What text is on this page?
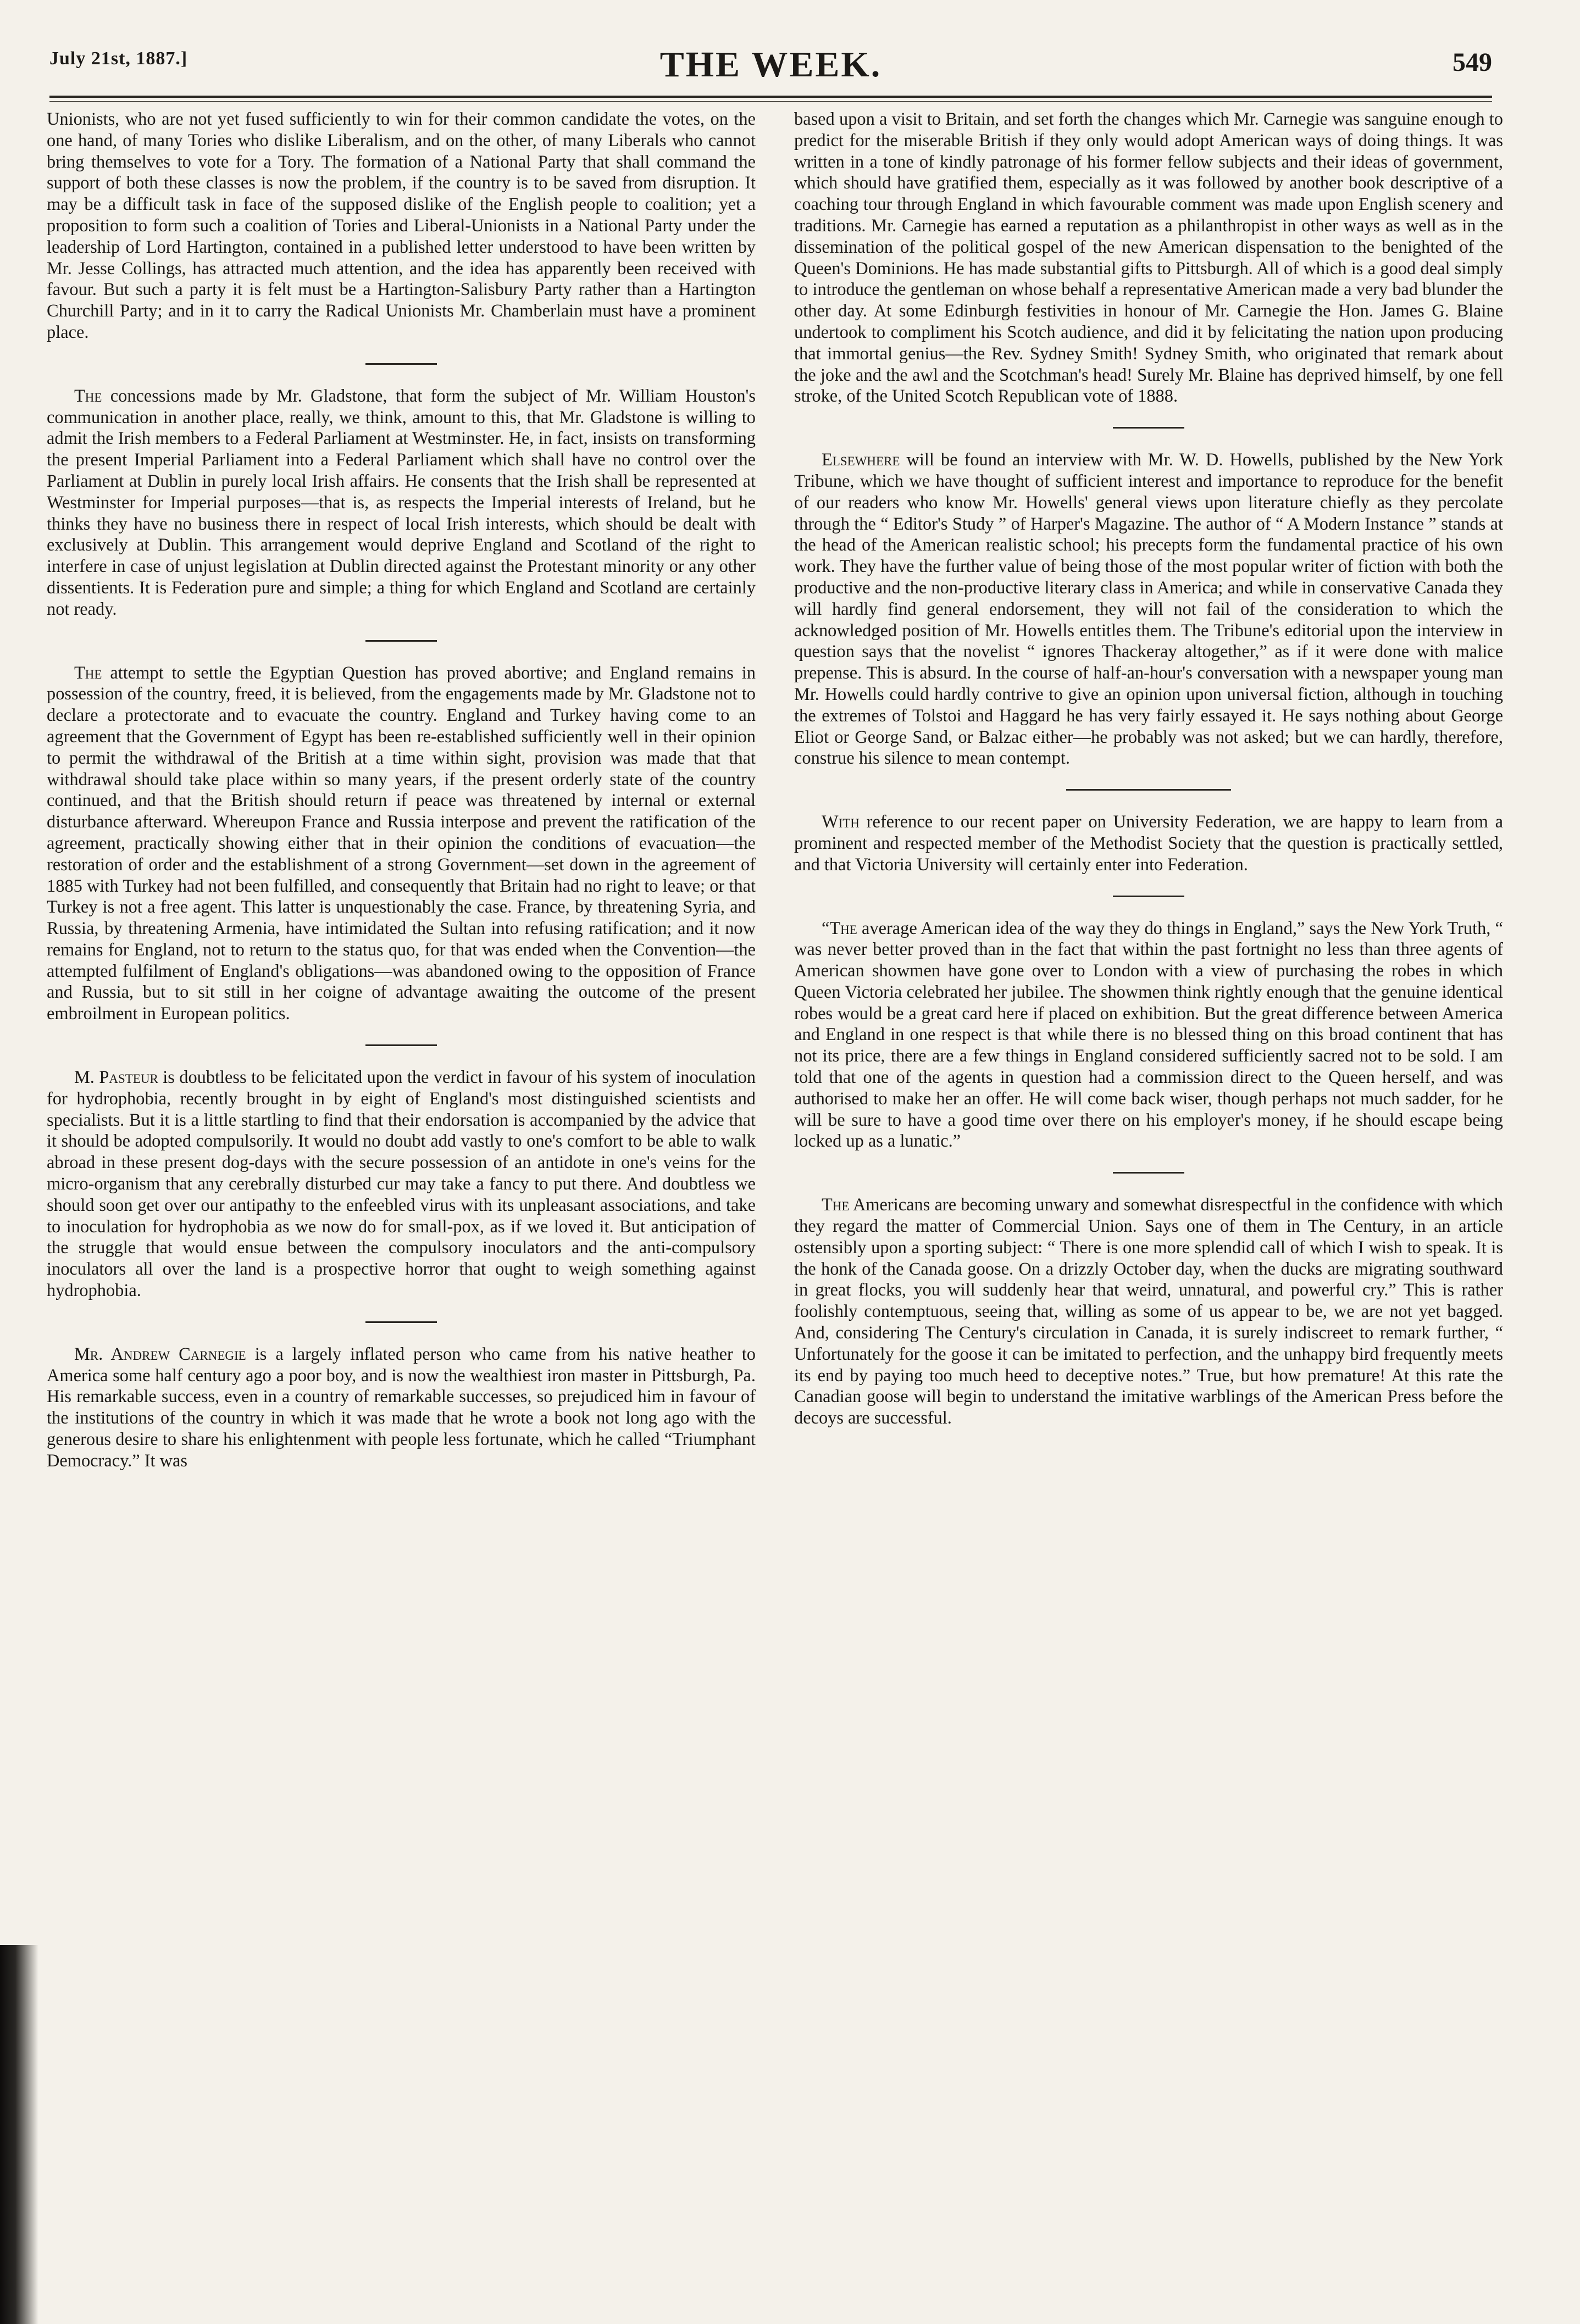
July 21st, 1887.]	THE WEEK.	549

Unionists, who are not yet fused sufficiently to win for their common candidate the votes, on the one hand, of many Tories who dislike Liberalism, and on the other, of many Liberals who cannot bring themselves to vote for a Tory. The formation of a National Party that shall command the support of both these classes is now the problem, if the country is to be saved from disruption. It may be a difficult task in face of the supposed dislike of the English people to coalition; yet a proposition to form such a coalition of Tories and Liberal-Unionists in a National Party under the leadership of Lord Hartington, contained in a published letter understood to have been written by Mr. Jesse Collings, has attracted much attention, and the idea has apparently been received with favour. But such a party it is felt must be a Hartington-Salisbury Party rather than a Hartington Churchill Party; and in it to carry the Radical Unionists Mr. Chamberlain must have a prominent place.

The concessions made by Mr. Gladstone, that form the subject of Mr. William Houston's communication in another place, really, we think, amount to this, that Mr. Gladstone is willing to admit the Irish members to a Federal Parliament at Westminster. He, in fact, insists on transforming the present Imperial Parliament into a Federal Parliament which shall have no control over the Parliament at Dublin in purely local Irish affairs. He consents that the Irish shall be represented at Westminster for Imperial purposes—that is, as respects the Imperial interests of Ireland, but he thinks they have no business there in respect of local Irish interests, which should be dealt with exclusively at Dublin. This arrangement would deprive England and Scotland of the right to interfere in case of unjust legislation at Dublin directed against the Protestant minority or any other dissentients. It is Federation pure and simple; a thing for which England and Scotland are certainly not ready.

The attempt to settle the Egyptian Question has proved abortive; and England remains in possession of the country, freed, it is believed, from the engagements made by Mr. Gladstone not to declare a protectorate and to evacuate the country. England and Turkey having come to an agreement that the Government of Egypt has been re-established sufficiently well in their opinion to permit the withdrawal of the British at a time within sight, provision was made that that withdrawal should take place within so many years, if the present orderly state of the country continued, and that the British should return if peace was threatened by internal or external disturbance afterward. Whereupon France and Russia interpose and prevent the ratification of the agreement, practically showing either that in their opinion the conditions of evacuation—the restoration of order and the establishment of a strong Government—set down in the agreement of 1885 with Turkey had not been fulfilled, and consequently that Britain had no right to leave; or that Turkey is not a free agent. This latter is unquestionably the case. France, by threatening Syria, and Russia, by threatening Armenia, have intimidated the Sultan into refusing ratification; and it now remains for England, not to return to the status quo, for that was ended when the Convention—the attempted fulfilment of England's obligations—was abandoned owing to the opposition of France and Russia, but to sit still in her coigne of advantage awaiting the outcome of the present embroilment in European politics.

M. Pasteur is doubtless to be felicitated upon the verdict in favour of his system of inoculation for hydrophobia, recently brought in by eight of England's most distinguished scientists and specialists. But it is a little startling to find that their endorsation is accompanied by the advice that it should be adopted compulsorily. It would no doubt add vastly to one's comfort to be able to walk abroad in these present dog-days with the secure possession of an antidote in one's veins for the micro-organism that any cerebrally disturbed cur may take a fancy to put there. And doubtless we should soon get over our antipathy to the enfeebled virus with its unpleasant associations, and take to inoculation for hydrophobia as we now do for small-pox, as if we loved it. But anticipation of the struggle that would ensue between the compulsory inoculators and the anti-compulsory inoculators all over the land is a prospective horror that ought to weigh something against hydrophobia.

Mr. Andrew Carnegie is a largely inflated person who came from his native heather to America some half century ago a poor boy, and is now the wealthiest iron master in Pittsburgh, Pa. His remarkable success, even in a country of remarkable successes, so prejudiced him in favour of the institutions of the country in which it was made that he wrote a book not long ago with the generous desire to share his enlightenment with people less fortunate, which he called “Triumphant Democracy.” It was

based upon a visit to Britain, and set forth the changes which Mr. Carnegie was sanguine enough to predict for the miserable British if they only would adopt American ways of doing things. It was written in a tone of kindly patronage of his former fellow subjects and their ideas of government, which should have gratified them, especially as it was followed by another book descriptive of a coaching tour through England in which favourable comment was made upon English scenery and traditions. Mr. Carnegie has earned a reputation as a philanthropist in other ways as well as in the dissemination of the political gospel of the new American dispensation to the benighted of the Queen's Dominions. He has made substantial gifts to Pittsburgh. All of which is a good deal simply to introduce the gentleman on whose behalf a representative American made a very bad blunder the other day. At some Edinburgh festivities in honour of Mr. Carnegie the Hon. James G. Blaine undertook to compliment his Scotch audience, and did it by felicitating the nation upon producing that immortal genius—the Rev. Sydney Smith! Sydney Smith, who originated that remark about the joke and the awl and the Scotchman's head! Surely Mr. Blaine has deprived himself, by one fell stroke, of the United Scotch Republican vote of 1888.

Elsewhere will be found an interview with Mr. W. D. Howells, published by the New York Tribune, which we have thought of sufficient interest and importance to reproduce for the benefit of our readers who know Mr. Howells' general views upon literature chiefly as they percolate through the “ Editor's Study ” of Harper's Magazine. The author of “ A Modern Instance ” stands at the head of the American realistic school; his precepts form the fundamental practice of his own work. They have the further value of being those of the most popular writer of fiction with both the productive and the non-productive literary class in America; and while in conservative Canada they will hardly find general endorsement, they will not fail of the consideration to which the acknowledged position of Mr. Howells entitles them. The Tribune's editorial upon the interview in question says that the novelist “ ignores Thackeray altogether,” as if it were done with malice prepense. This is absurd. In the course of half-an-hour's conversation with a newspaper young man Mr. Howells could hardly contrive to give an opinion upon universal fiction, although in touching the extremes of Tolstoi and Haggard he has very fairly essayed it. He says nothing about George Eliot or George Sand, or Balzac either—he probably was not asked; but we can hardly, therefore, construe his silence to mean contempt.

With reference to our recent paper on University Federation, we are happy to learn from a prominent and respected member of the Methodist Society that the question is practically settled, and that Victoria University will certainly enter into Federation.

“The average American idea of the way they do things in England,” says the New York Truth, “ was never better proved than in the fact that within the past fortnight no less than three agents of American showmen have gone over to London with a view of purchasing the robes in which Queen Victoria celebrated her jubilee. The showmen think rightly enough that the genuine identical robes would be a great card here if placed on exhibition. But the great difference between America and England in one respect is that while there is no blessed thing on this broad continent that has not its price, there are a few things in England considered sufficiently sacred not to be sold. I am told that one of the agents in question had a commission direct to the Queen herself, and was authorised to make her an offer. He will come back wiser, though perhaps not much sadder, for he will be sure to have a good time over there on his employer's money, if he should escape being locked up as a lunatic.”

The Americans are becoming unwary and somewhat disrespectful in the confidence with which they regard the matter of Commercial Union. Says one of them in The Century, in an article ostensibly upon a sporting subject: “ There is one more splendid call of which I wish to speak. It is the honk of the Canada goose. On a drizzly October day, when the ducks are migrating southward in great flocks, you will suddenly hear that weird, unnatural, and powerful cry.” This is rather foolishly contemptuous, seeing that, willing as some of us appear to be, we are not yet bagged. And, considering The Century's circulation in Canada, it is surely indiscreet to remark further, “ Unfortunately for the goose it can be imitated to perfection, and the unhappy bird frequently meets its end by paying too much heed to deceptive notes.” True, but how premature! At this rate the Canadian goose will begin to understand the imitative warblings of the American Press before the decoys are successful.
